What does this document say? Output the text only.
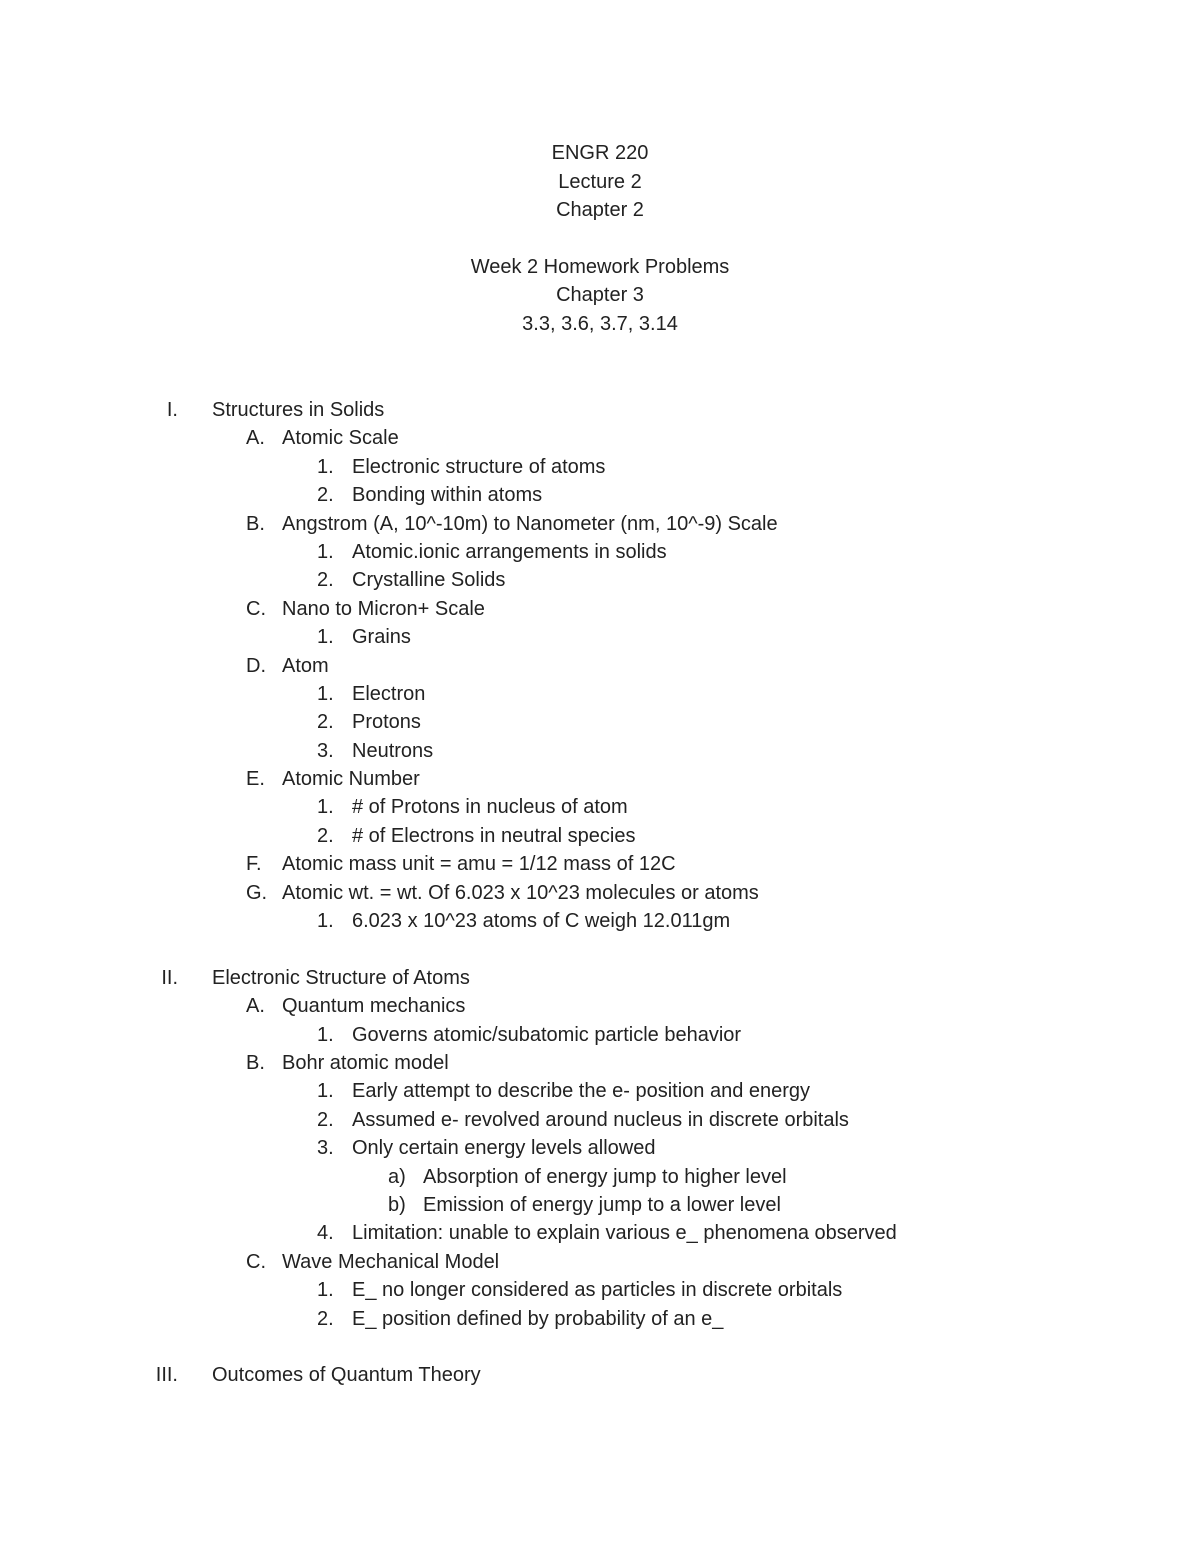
ENGR 220
Lecture 2
Chapter 2
Week 2 Homework Problems
Chapter 3
3.3, 3.6, 3.7, 3.14
I. Structures in Solids
A. Atomic Scale
1. Electronic structure of atoms
2. Bonding within atoms
B. Angstrom (A, 10^-10m) to Nanometer (nm, 10^-9) Scale
1. Atomic.ionic arrangements in solids
2. Crystalline Solids
C. Nano to Micron+ Scale
1. Grains
D. Atom
1. Electron
2. Protons
3. Neutrons
E. Atomic Number
1. # of Protons in nucleus of atom
2. # of Electrons in neutral species
F. Atomic mass unit = amu = 1/12 mass of 12C
G. Atomic wt. = wt. Of 6.023 x 10^23 molecules or atoms
1. 6.023 x 10^23 atoms of C weigh 12.011gm
II. Electronic Structure of Atoms
A. Quantum mechanics
1. Governs atomic/subatomic particle behavior
B. Bohr atomic model
1. Early attempt to describe the e- position and energy
2. Assumed e- revolved around nucleus in discrete orbitals
3. Only certain energy levels allowed
a) Absorption of energy jump to higher level
b) Emission of energy jump to a lower level
4. Limitation: unable to explain various e_ phenomena observed
C. Wave Mechanical Model
1. E_ no longer considered as particles in discrete orbitals
2. E_ position defined by probability of an e_
III. Outcomes of Quantum Theory
